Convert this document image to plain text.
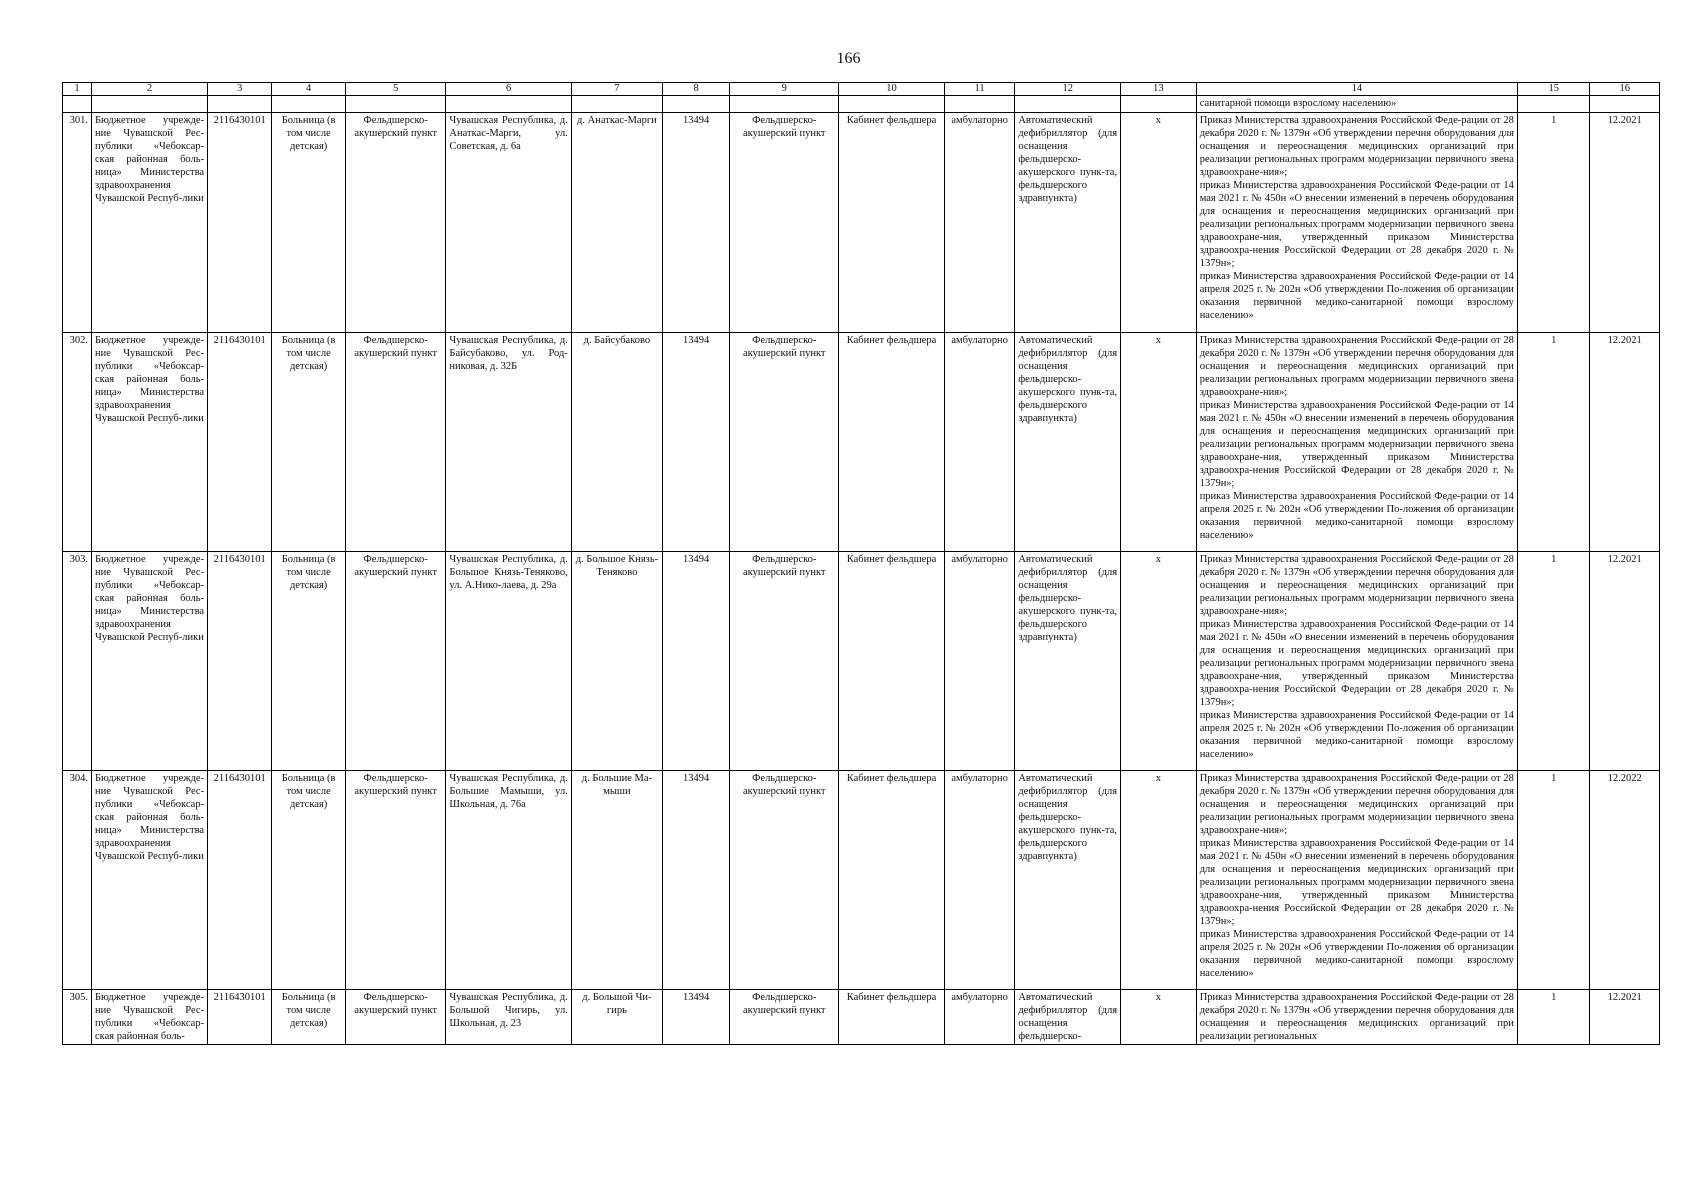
166
1	2	3	4	5	6	7	8	9	10	11	12	13	14	15	16
													санитарной помощи взрослому населению»		
301.	Бюджетное учрежде-ние Чувашской Рес-публики «Чебоксар-ская районная боль-ница» Министерства здравоохранения Чувашской Респуб-лики	2116430101	Больница (в том числе детская)	Фельдшерско-акушерский пункт	Чувашская Республика, д. Анаткас-Марги, ул. Советская, д. 6а	д. Анаткас-Марги	13494	Фельдшерско-акушерский пункт	Кабинет фельдшера	амбулаторно	Автоматический дефибриллятор (для оснащения фельдшерско-акушерского пунк-та, фельдшерского здравпункта)	х	Приказ Министерства здравоохранения Российской Феде-рации от 28 декабря 2020 г. № 1379н «Об утверждении перечня оборудования для оснащения и переоснащения медицинских организаций при реализации региональных программ модернизации первичного звена здравоохране-ния»;
приказ Министерства здравоохранения Российской Феде-рации от 14 мая 2021 г. № 450н «О внесении изменений в перечень оборудования для оснащения и переоснащения медицинских организаций при реализации региональных программ модернизации первичного звена здравоохране-ния, утвержденный приказом Министерства здравоохра-нения Российской Федерации от 28 декабря 2020 г. № 1379н»;
приказ Министерства здравоохранения Российской Феде-рации от 14 апреля 2025 г. № 202н «Об утверждении По-ложения об организации оказания первичной медико-санитарной помощи взрослому населению»	1	12.2021
302.	Бюджетное учрежде-ние Чувашской Рес-публики «Чебоксар-ская районная боль-ница» Министерства здравоохранения Чувашской Респуб-лики	2116430101	Больница (в том числе детская)	Фельдшерско-акушерский пункт	Чувашская Республика, д. Байсубаково, ул. Род-никовая, д. 32Б	д. Байсубаково	13494	Фельдшерско-акушерский пункт	Кабинет фельдшера	амбулаторно	Автоматический дефибриллятор (для оснащения фельдшерско-акушерского пунк-та, фельдшерского здравпункта)	х	Приказ Министерства здравоохранения Российской Феде-рации от 28 декабря 2020 г. № 1379н «Об утверждении перечня оборудования для оснащения и переоснащения медицинских организаций при реализации региональных программ модернизации первичного звена здравоохране-ния»;
приказ Министерства здравоохранения Российской Феде-рации от 14 мая 2021 г. № 450н «О внесении изменений в перечень оборудования для оснащения и переоснащения медицинских организаций при реализации региональных программ модернизации первичного звена здравоохране-ния, утвержденный приказом Министерства здравоохра-нения Российской Федерации от 28 декабря 2020 г. № 1379н»;
приказ Министерства здравоохранения Российской Феде-рации от 14 апреля 2025 г. № 202н «Об утверждении По-ложения об организации оказания первичной медико-санитарной помощи взрослому населению»	1	12.2021
303.	Бюджетное учрежде-ние Чувашской Рес-публики «Чебоксар-ская районная боль-ница» Министерства здравоохранения Чувашской Респуб-лики	2116430101	Больница (в том числе детская)	Фельдшерско-акушерский пункт	Чувашская Республика, д. Большое Князь-Теняково, ул. А.Нико-лаева, д. 29а	д. Большое Князь-Теняково	13494	Фельдшерско-акушерский пункт	Кабинет фельдшера	амбулаторно	Автоматический дефибриллятор (для оснащения фельдшерско-акушерского пунк-та, фельдшерского здравпункта)	х	Приказ Министерства здравоохранения Российской Феде-рации от 28 декабря 2020 г. № 1379н «Об утверждении перечня оборудования для оснащения и переоснащения медицинских организаций при реализации региональных программ модернизации первичного звена здравоохране-ния»;
приказ Министерства здравоохранения Российской Феде-рации от 14 мая 2021 г. № 450н «О внесении изменений в перечень оборудования для оснащения и переоснащения медицинских организаций при реализации региональных программ модернизации первичного звена здравоохране-ния, утвержденный приказом Министерства здравоохра-нения Российской Федерации от 28 декабря 2020 г. № 1379н»;
приказ Министерства здравоохранения Российской Феде-рации от 14 апреля 2025 г. № 202н «Об утверждении По-ложения об организации оказания первичной медико-санитарной помощи взрослому населению»	1	12.2021
304.	Бюджетное учрежде-ние Чувашской Рес-публики «Чебоксар-ская районная боль-ница» Министерства здравоохранения Чувашской Респуб-лики	2116430101	Больница (в том числе детская)	Фельдшерско-акушерский пункт	Чувашская Республика, д. Большие Мамыши, ул. Школьная, д. 76а	д. Большие Ма-мыши	13494	Фельдшерско-акушерский пункт	Кабинет фельдшера	амбулаторно	Автоматический дефибриллятор (для оснащения фельдшерско-акушерского пунк-та, фельдшерского здравпункта)	х	Приказ Министерства здравоохранения Российской Феде-рации от 28 декабря 2020 г. № 1379н «Об утверждении перечня оборудования для оснащения и переоснащения медицинских организаций при реализации региональных программ модернизации первичного звена здравоохране-ния»;
приказ Министерства здравоохранения Российской Феде-рации от 14 мая 2021 г. № 450н «О внесении изменений в перечень оборудования для оснащения и переоснащения медицинских организаций при реализации региональных программ модернизации первичного звена здравоохране-ния, утвержденный приказом Министерства здравоохра-нения Российской Федерации от 28 декабря 2020 г. № 1379н»;
приказ Министерства здравоохранения Российской Феде-рации от 14 апреля 2025 г. № 202н «Об утверждении По-ложения об организации оказания первичной медико-санитарной помощи взрослому населению»	1	12.2022
305.	Бюджетное учрежде-ние Чувашской Рес-публики «Чебоксар-ская районная боль-	2116430101	Больница (в том числе детская)	Фельдшерско-акушерский пункт	Чувашская Республика, д. Большой Чигирь, ул. Школьная, д. 23	д. Большой Чи-гирь	13494	Фельдшерско-акушерский пункт	Кабинет фельдшера	амбулаторно	Автоматический дефибриллятор (для оснащения фельдшерско-	х	Приказ Министерства здравоохранения Российской Феде-рации от 28 декабря 2020 г. № 1379н «Об утверждении перечня оборудования для оснащения и переоснащения медицинских организаций при реализации региональных	1	12.2021
